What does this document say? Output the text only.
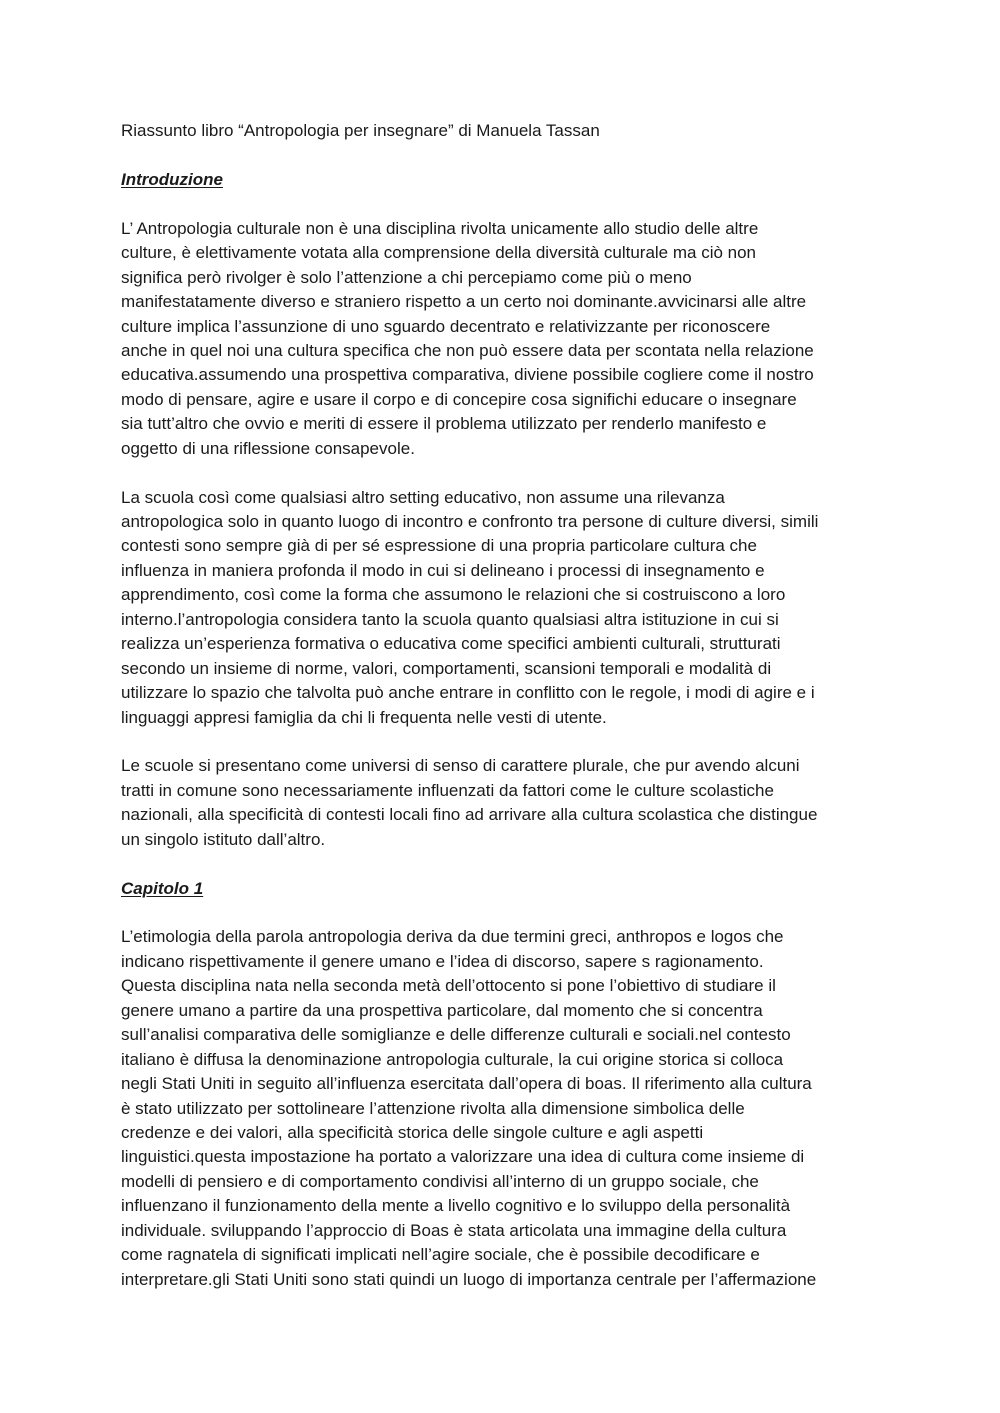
Riassunto libro “Antropologia per insegnare” di Manuela Tassan

Introduzione

L’ Antropologia culturale non è una disciplina rivolta unicamente allo studio delle altre
culture, è elettivamente votata alla comprensione della diversità culturale ma ciò non
significa però rivolger è solo l’attenzione a chi percepiamo come più o meno
manifestatamente diverso e straniero rispetto a un certo noi dominante.avvicinarsi alle altre
culture implica l’assunzione di uno sguardo decentrato e relativizzante per riconoscere
anche in quel noi una cultura specifica che non può essere data per scontata nella relazione
educativa.assumendo una prospettiva comparativa, diviene possibile cogliere come il nostro
modo di pensare, agire e usare il corpo e di concepire cosa significhi educare o insegnare
sia tutt’altro che ovvio e meriti di essere il problema utilizzato per renderlo manifesto e
oggetto di una riflessione consapevole.

La scuola così come qualsiasi altro setting educativo, non assume una rilevanza
antropologica solo in quanto luogo di incontro e confronto tra persone di culture diversi, simili
contesti sono sempre già di per sé espressione di una propria particolare cultura che
influenza in maniera profonda il modo in cui si delineano i processi di insegnamento e
apprendimento, così come la forma che assumono le relazioni che si costruiscono a loro
interno.l’antropologia considera tanto la scuola quanto qualsiasi altra istituzione in cui si
realizza un’esperienza formativa o educativa come specifici ambienti culturali, strutturati
secondo un insieme di norme, valori, comportamenti, scansioni temporali e modalità di
utilizzare lo spazio che talvolta può anche entrare in conflitto con le regole, i modi di agire e i
linguaggi appresi famiglia da chi li frequenta nelle vesti di utente.

Le scuole si presentano come universi di senso di carattere plurale, che pur avendo alcuni
tratti in comune sono necessariamente influenzati da fattori come le culture scolastiche
nazionali, alla specificità di contesti locali fino ad arrivare alla cultura scolastica che distingue
un singolo istituto dall’altro.

Capitolo 1

L’etimologia della parola antropologia deriva da due termini greci, anthropos e logos che
indicano rispettivamente il genere umano e l’idea di discorso, sapere s ragionamento.
Questa disciplina nata nella seconda metà dell’ottocento si pone l’obiettivo di studiare il
genere umano a partire da una prospettiva particolare, dal momento che si concentra
sull’analisi comparativa delle somiglianze e delle differenze culturali e sociali.nel contesto
italiano è diffusa la denominazione antropologia culturale, la cui origine storica si colloca
negli Stati Uniti in seguito all’influenza esercitata dall’opera di boas. Il riferimento alla cultura
è stato utilizzato per sottolineare l’attenzione rivolta alla dimensione simbolica delle
credenze e dei valori, alla specificità storica delle singole culture e agli aspetti
linguistici.questa impostazione ha portato a valorizzare una idea di cultura come insieme di
modelli di pensiero e di comportamento condivisi all’interno di un gruppo sociale, che
influenzano il funzionamento della mente a livello cognitivo e lo sviluppo della personalità
individuale. sviluppando l’approccio di Boas è stata articolata una immagine della cultura
come ragnatela di significati implicati nell’agire sociale, che è possibile decodificare e
interpretare.gli Stati Uniti sono stati quindi un luogo di importanza centrale per l’affermazione
